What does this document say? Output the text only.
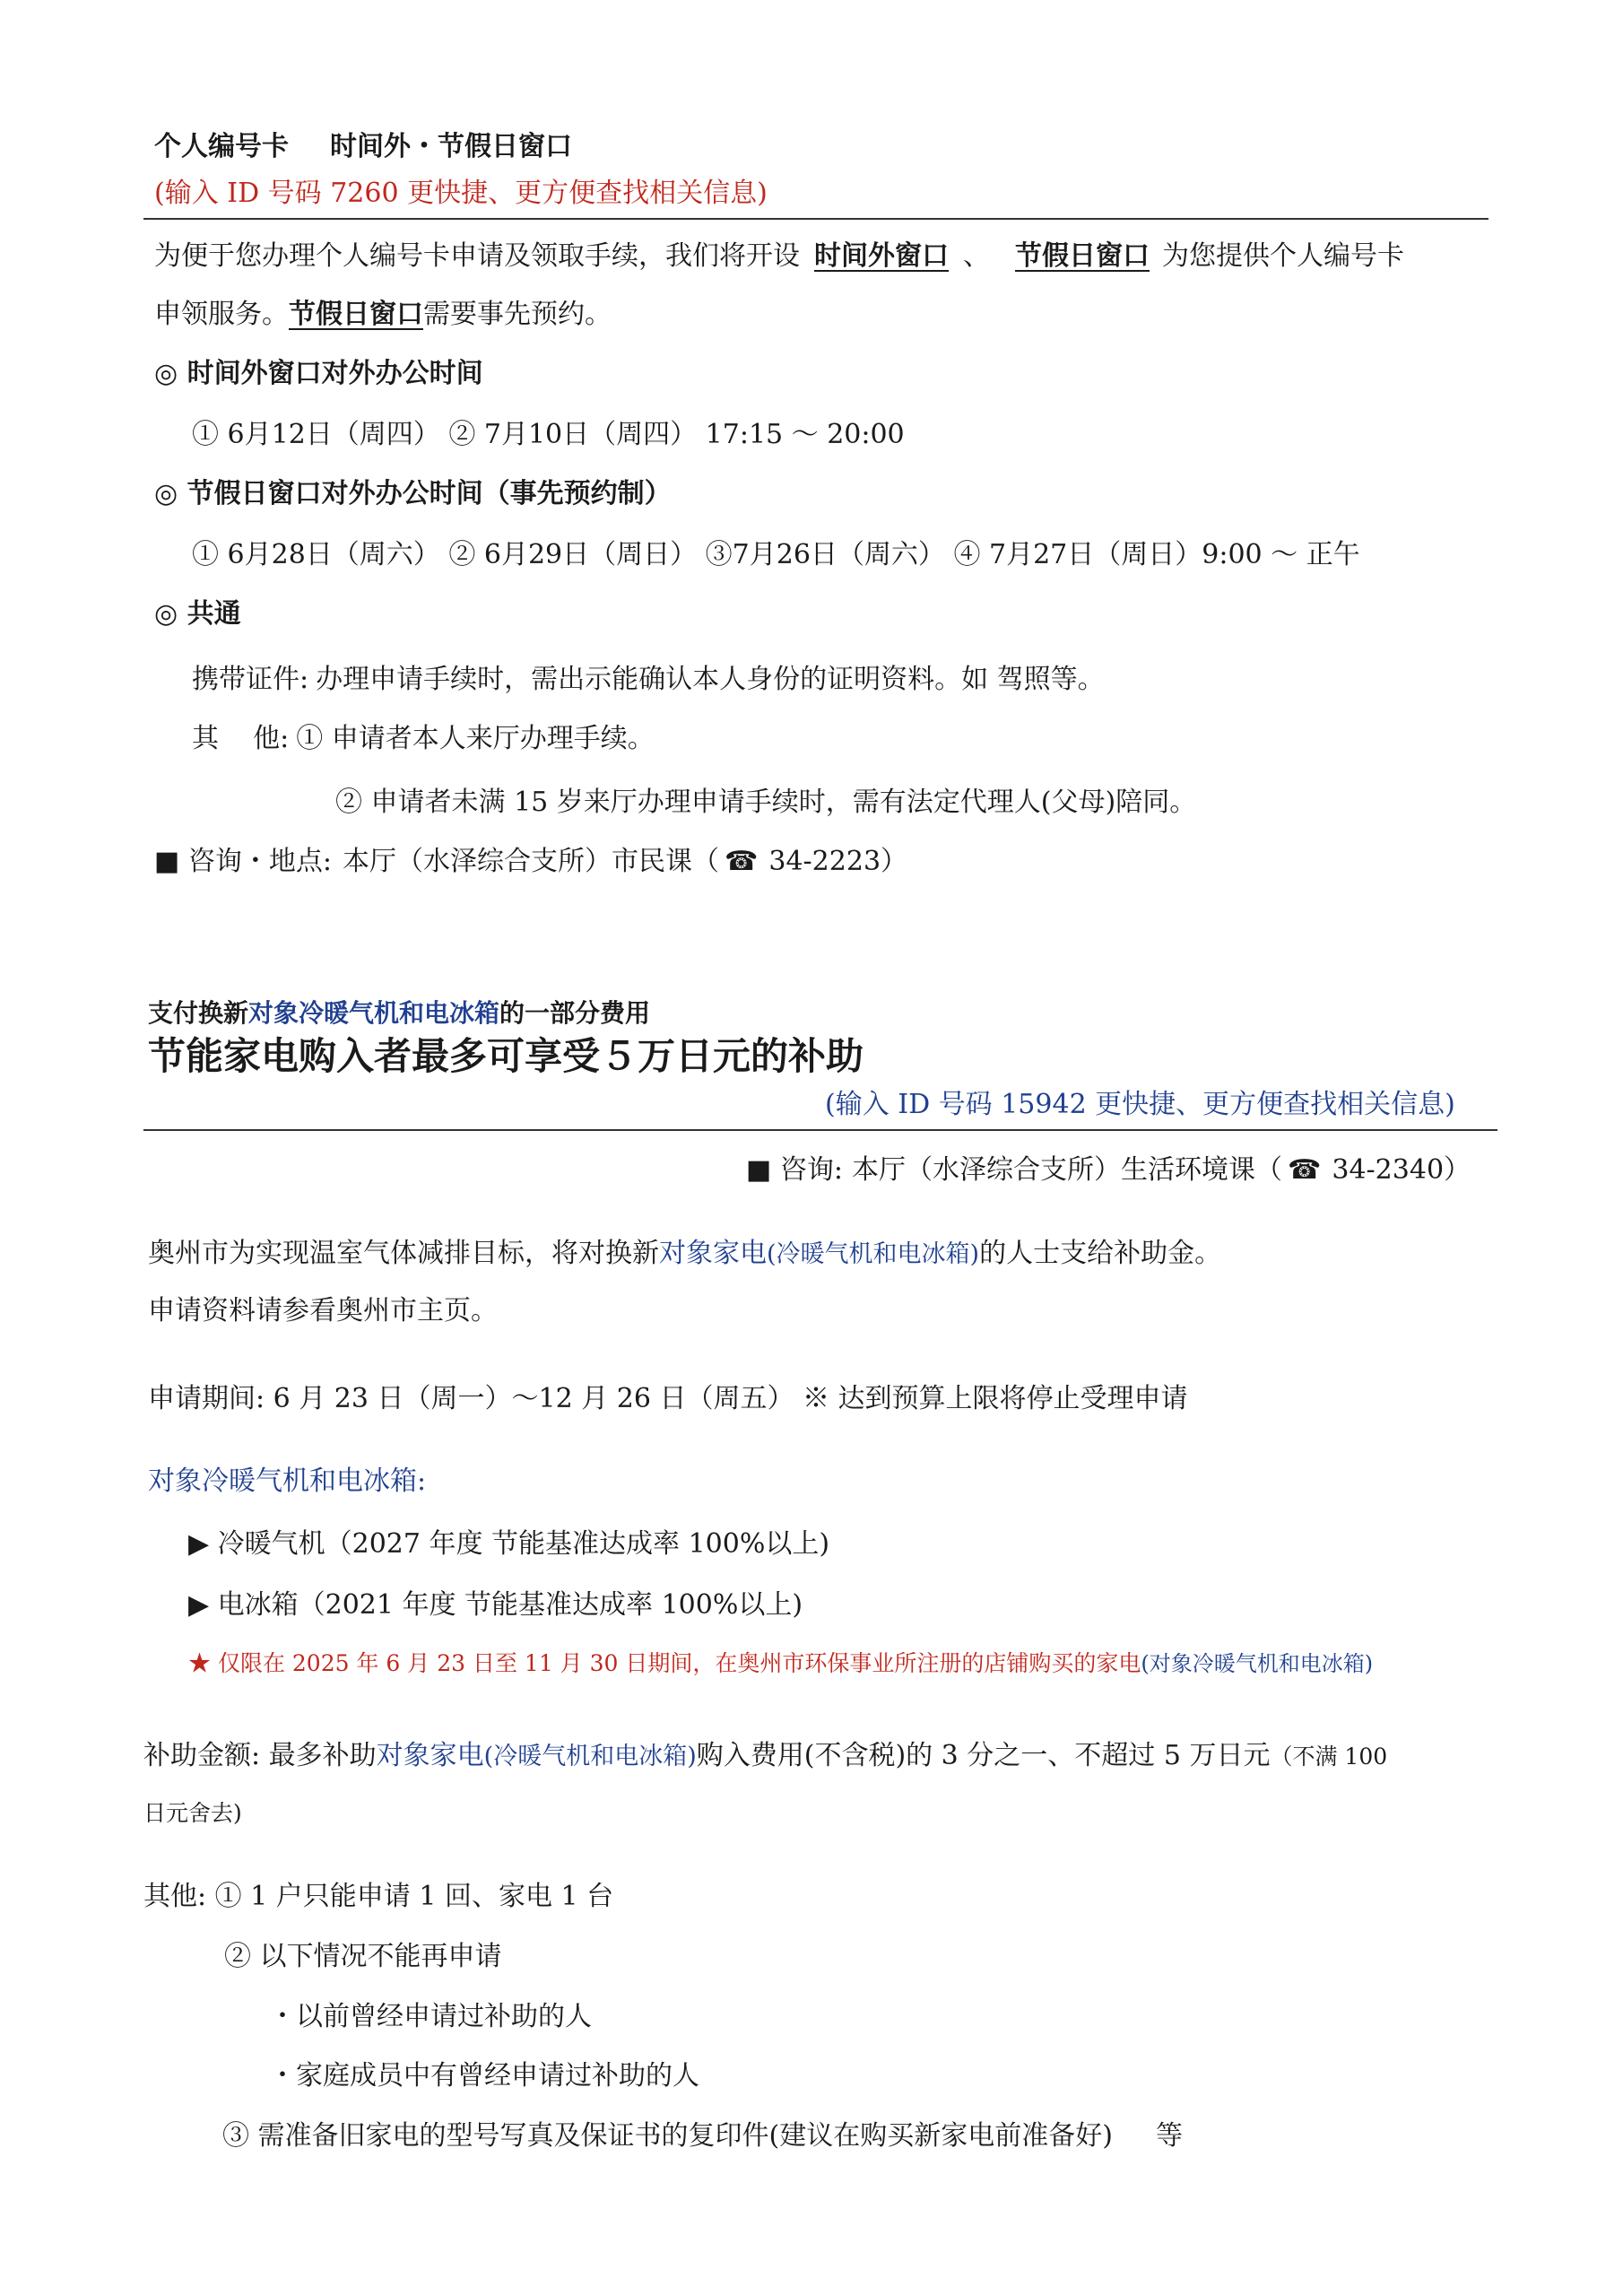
个人编号卡 时间外・节假日窗口
(输入 ID 号码 7260 更快捷、更方便查找相关信息)
为便于您办理个人编号卡申请及领取手续，我们将开设 时间外窗口 、 节假日窗口 为您提供个人编号卡
申领服务。节假日窗口需要事先预约。
◎ 时间外窗口对外办公时间
① 6月12日（周四） ② 7月10日（周四） 17:15 ～ 20:00
◎ 节假日窗口对外办公时间（事先预约制）
① 6月28日（周六） ② 6月29日（周日） ③7月26日（周六） ④ 7月27日（周日）9:00 ～ 正午
◎ 共通
携带证件: 办理申请手续时，需出示能确认本人身份的证明资料。如 驾照等。
其    他: ① 申请者本人来厅办理手续。
② 申请者未满 15 岁来厅办理申请手续时，需有法定代理人(父母)陪同。
■ 咨询・地点: 本厅（水泽综合支所）市民课（ ☎ 34-2223）
支付换新对象冷暖气机和电冰箱的一部分费用
节能家电购入者最多可享受５万日元的补助
(输入 ID 号码 15942 更快捷、更方便查找相关信息)
■ 咨询: 本厅（水泽综合支所）生活环境课（ ☎ 34-2340）
奥州市为实现温室气体减排目标，将对换新对象家电(冷暖气机和电冰箱)的人士支给补助金。
申请资料请参看奥州市主页。
申请期间: 6 月 23 日（周一）～12 月 26 日（周五） ※ 达到预算上限将停止受理申请
对象冷暖气机和电冰箱:
▶ 冷暖气机（2027 年度 节能基准达成率 100%以上)
▶ 电冰箱（2021 年度 节能基准达成率 100%以上)
★ 仅限在 2025 年 6 月 23 日至 11 月 30 日期间，在奥州市环保事业所注册的店铺购买的家电(对象冷暖气机和电冰箱)
补助金额: 最多补助对象家电(冷暖气机和电冰箱)购入费用(不含税)的 3 分之一、不超过 5 万日元（不满 100
日元舍去)
其他: ① 1 户只能申请 1 回、家电 1 台
② 以下情况不能再申请
・以前曾经申请过补助的人
・家庭成员中有曾经申请过补助的人
③ 需准备旧家电的型号写真及保证书的复印件(建议在购买新家电前准备好) 等
